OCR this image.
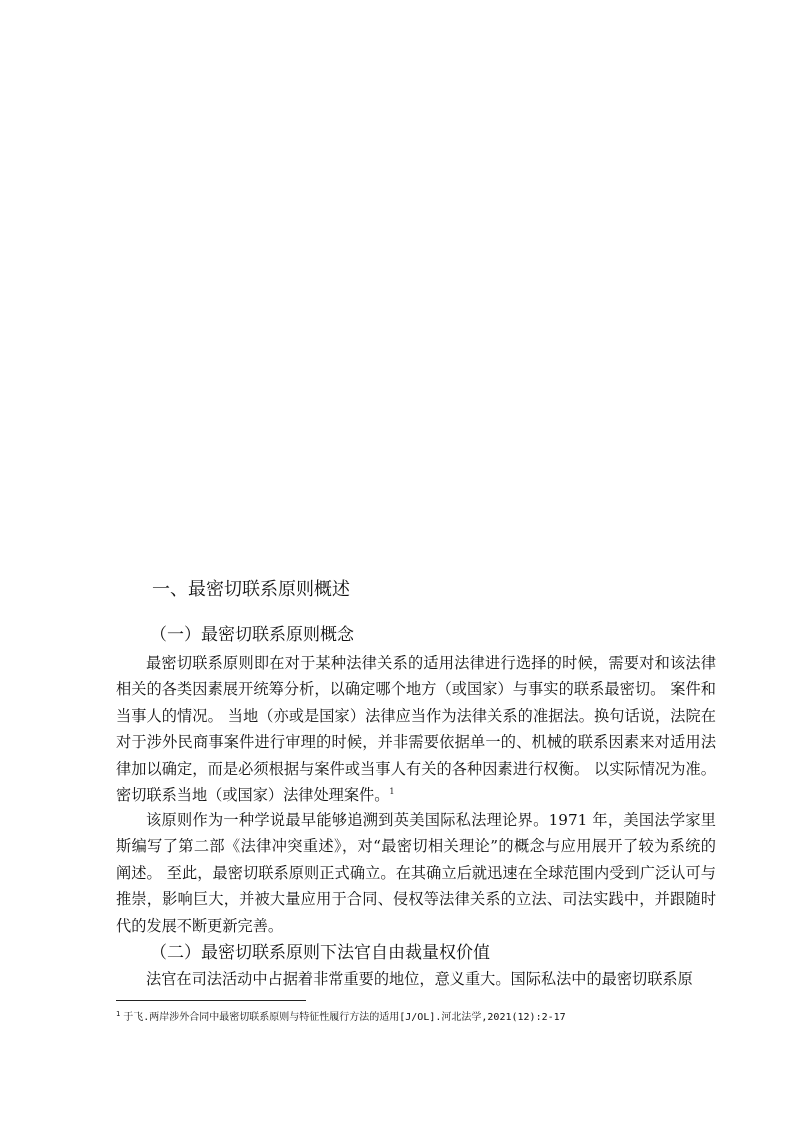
一、最密切联系原则概述
（一）最密切联系原则概念

最密切联系原则即在对于某种法律关系的适用法律进行选择的时候，需要对和该法律相关的各类因素展开统筹分析，以确定哪个地方（或国家）与事实的联系最密切。 案件和当事人的情况。 当地（亦或是国家）法律应当作为法律关系的准据法。换句话说，法院在对于涉外民商事案件进行审理的时候，并非需要依据单一的、机械的联系因素来对适用法律加以确定，而是必须根据与案件或当事人有关的各种因素进行权衡。 以实际情况为准。 密切联系当地（或国家）法律处理案件。$^1$

该原则作为一种学说最早能够追溯到英美国际私法理论界。1971 年，美国法学家里斯编写了第二部《法律冲突重述》，对“最密切相关理论”的概念与应用展开了较为系统的阐述。 至此，最密切联系原则正式确立。在其确立后就迅速在全球范围内受到广泛认可与推崇，影响巨大，并被大量应用于合同、侵权等法律关系的立法、司法实践中，并跟随时代的发展不断更新完善。

（二）最密切联系原则下法官自由裁量权价值

法官在司法活动中占据着非常重要的地位，意义重大。国际私法中的最密切联系原

$^1$ 于飞.两岸涉外合同中最密切联系原则与特征性履行方法的适用[J/OL].河北法学,2021(12):2-17
